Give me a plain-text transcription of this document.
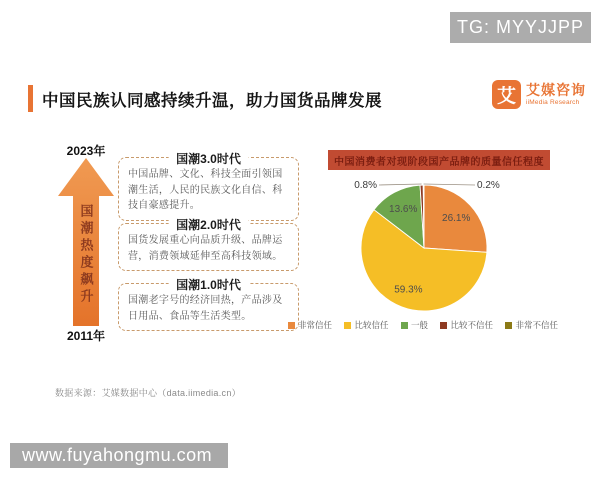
TG: MYYJJPP
中国民族认同感持续升温，助力国货品牌发展	艾 艾媒咨询
iiMedia Research
2023年
国潮热度飙升
2011年
国潮3.0时代
中国品牌、文化、科技全面引领国潮生活，人民的民族文化自信、科技自豪感提升。
国潮2.0时代
国货发展重心向品质升级、品牌运营，消费领域延伸至高科技领域。
国潮1.0时代
国潮老字号的经济回热，产品涉及日用品、食品等生活类型。
中国消费者对现阶段国产品牌的质量信任程度
26.1%
59.3%
13.6%
0.8%	0.2%
非常信任	比较信任	一般	比较不信任	非常不信任
数据来源：艾媒数据中心（data.iimedia.cn）
www.fuyahongmu.com
